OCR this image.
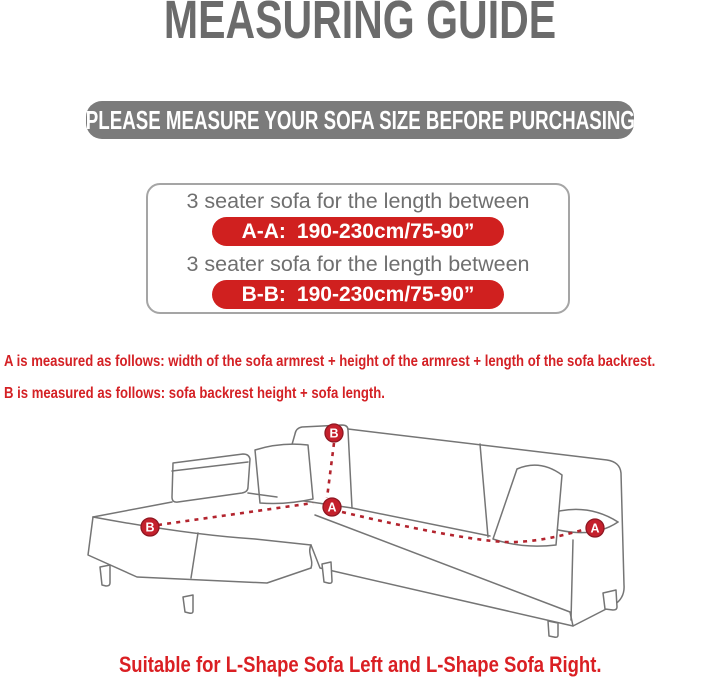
MEASURING GUIDE
PLEASE MEASURE YOUR SOFA SIZE BEFORE PURCHASING
3 seater sofa for the length between
A-A: 190-230cm/75-90”
3 seater sofa for the length between
B-B: 190-230cm/75-90”

A is measured as follows: width of the sofa armrest + height of the armrest + length of the sofa backrest.

B is measured as follows: sofa backrest height + sofa length.

B
A
B	A
Suitable for L-Shape Sofa Left and L-Shape Sofa Right.
